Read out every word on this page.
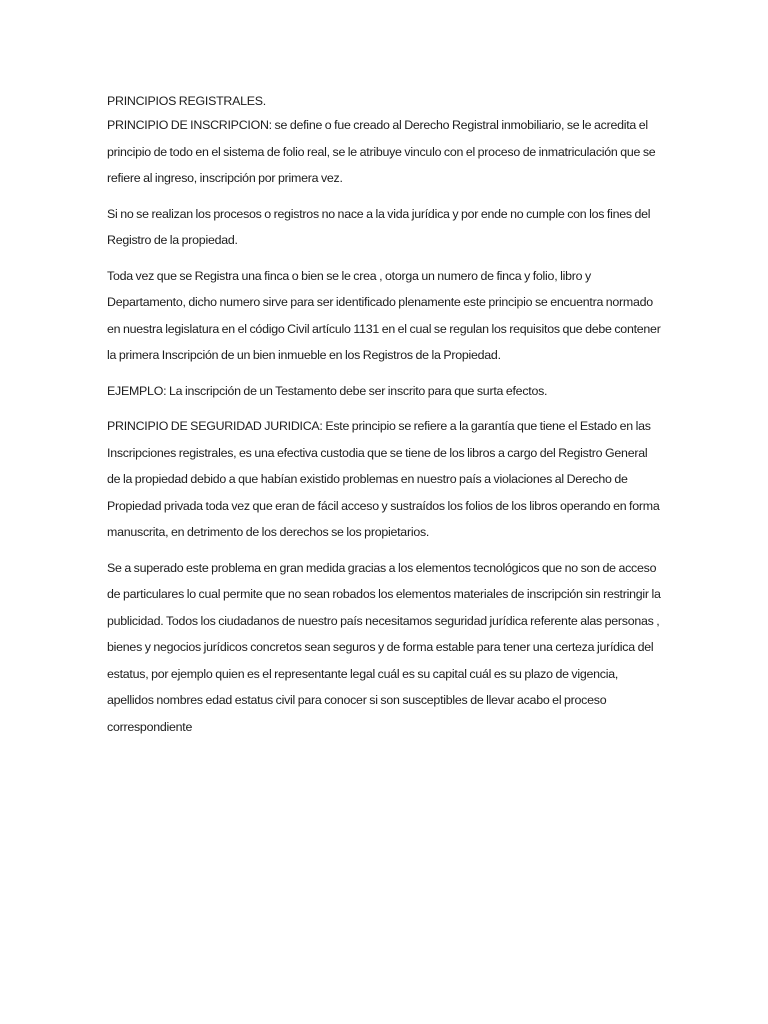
PRINCIPIOS REGISTRALES.

PRINCIPIO DE INSCRIPCION: se define o fue creado al Derecho Registral inmobiliario, se le acredita el principio de todo en el sistema de folio real, se le atribuye vinculo con el proceso de inmatriculación que se refiere al ingreso, inscripción por primera vez.

Si no se realizan los procesos o registros no nace a la vida jurídica y por ende no cumple con los fines del Registro de la propiedad.

Toda vez que se Registra una finca o bien se le crea , otorga un numero de finca y folio, libro y Departamento, dicho numero sirve para ser identificado plenamente este principio se encuentra normado en nuestra legislatura en el código Civil artículo 1131 en el cual se regulan los requisitos que debe contener la primera Inscripción de un bien inmueble en los Registros de la Propiedad.

EJEMPLO: La inscripción de un Testamento debe ser inscrito para que surta efectos.

PRINCIPIO DE SEGURIDAD JURIDICA: Este principio se refiere a la garantía que tiene el Estado en las Inscripciones registrales, es una efectiva custodia que se tiene de los libros a cargo del Registro General de la propiedad debido a que habían existido problemas en nuestro país a violaciones al Derecho de Propiedad privada toda vez que eran de fácil acceso y sustraídos los folios de los libros operando en forma manuscrita, en detrimento de los derechos se los propietarios.

Se a superado este problema en gran medida gracias a los elementos tecnológicos que no son de acceso de particulares lo cual permite que no sean robados los elementos materiales de inscripción sin restringir la publicidad. Todos los ciudadanos de nuestro país necesitamos seguridad jurídica referente alas personas , bienes y negocios jurídicos concretos sean seguros y de forma estable para tener una certeza jurídica del estatus, por ejemplo quien es el representante legal cuál es su capital cuál es su plazo de vigencia, apellidos nombres edad estatus civil para conocer si son susceptibles de llevar acabo el proceso correspondiente
